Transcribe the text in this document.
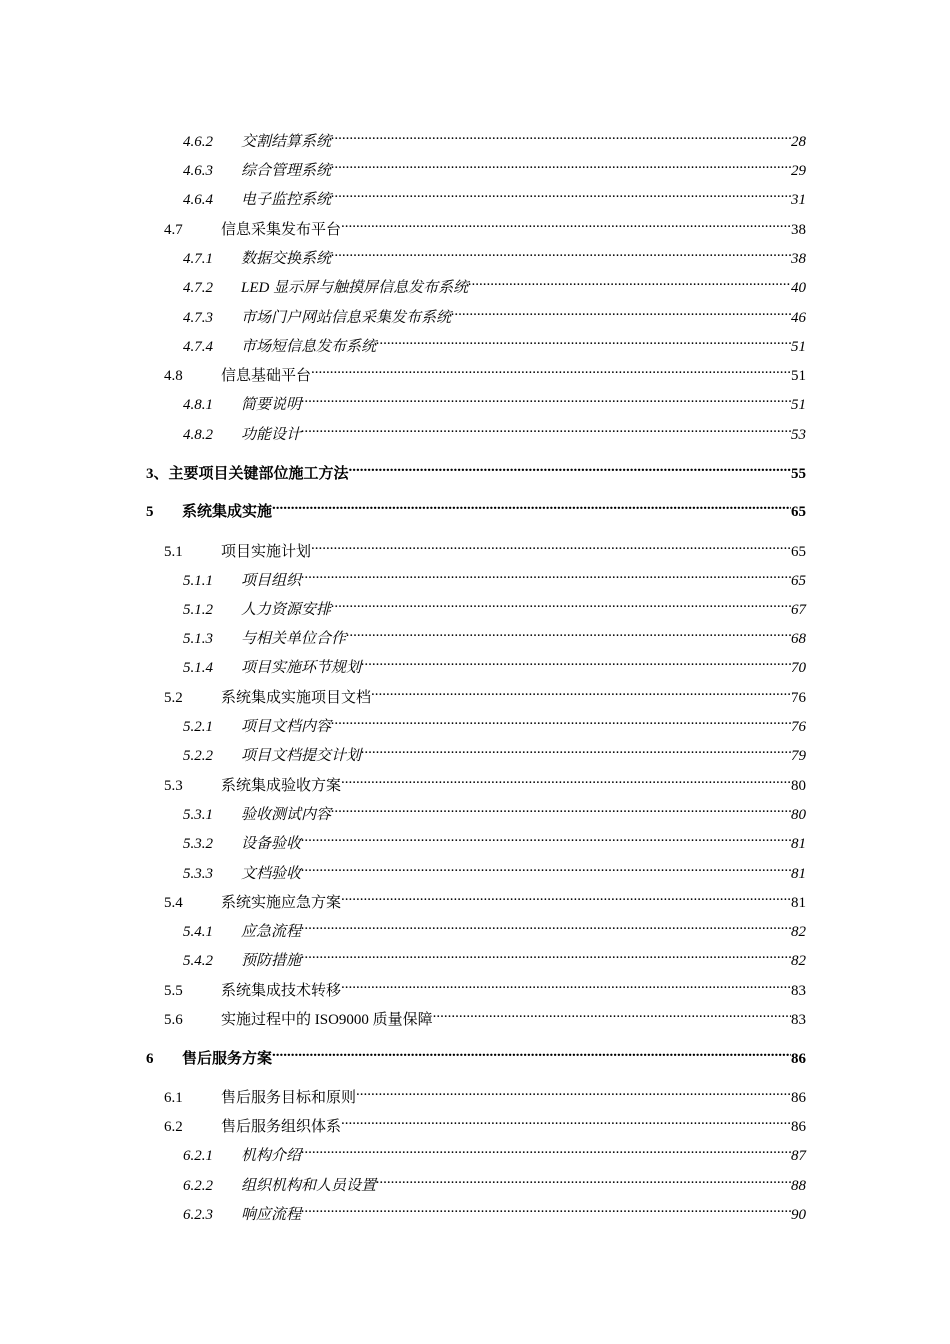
4.6.2	交割结算系统 .....	28
4.6.3	综合管理系统 .....	29
4.6.4	电子监控系统 .....	31
4.7	信息采集发布平台 .....	38
4.7.1	数据交换系统 .....	38
4.7.2	LED 显示屏与触摸屏信息发布系统 .....	40
4.7.3	市场门户网站信息采集发布系统 .....	46
4.7.4	市场短信息发布系统 .....	51
4.8	信息基础平台 .....	51
4.8.1	简要说明 .....	51
4.8.2	功能设计 .....	53
3、主要项目关键部位施工方法 .....	55
5	系统集成实施 .....	65
5.1	项目实施计划 .....	65
5.1.1	项目组织 .....	65
5.1.2	人力资源安排 .....	67
5.1.3	与相关单位合作 .....	68
5.1.4	项目实施环节规划 .....	70
5.2	系统集成实施项目文档 .....	76
5.2.1	项目文档内容 .....	76
5.2.2	项目文档提交计划 .....	79
5.3	系统集成验收方案 .....	80
5.3.1	验收测试内容 .....	80
5.3.2	设备验收 .....	81
5.3.3	文档验收 .....	81
5.4	系统实施应急方案 .....	81
5.4.1	应急流程 .....	82
5.4.2	预防措施 .....	82
5.5	系统集成技术转移 .....	83
5.6	实施过程中的 ISO9000 质量保障 .....	83
6	售后服务方案 .....	86
6.1	售后服务目标和原则 .....	86
6.2	售后服务组织体系 .....	86
6.2.1	机构介绍 .....	87
6.2.2	组织机构和人员设置 .....	88
6.2.3	响应流程 .....	90
